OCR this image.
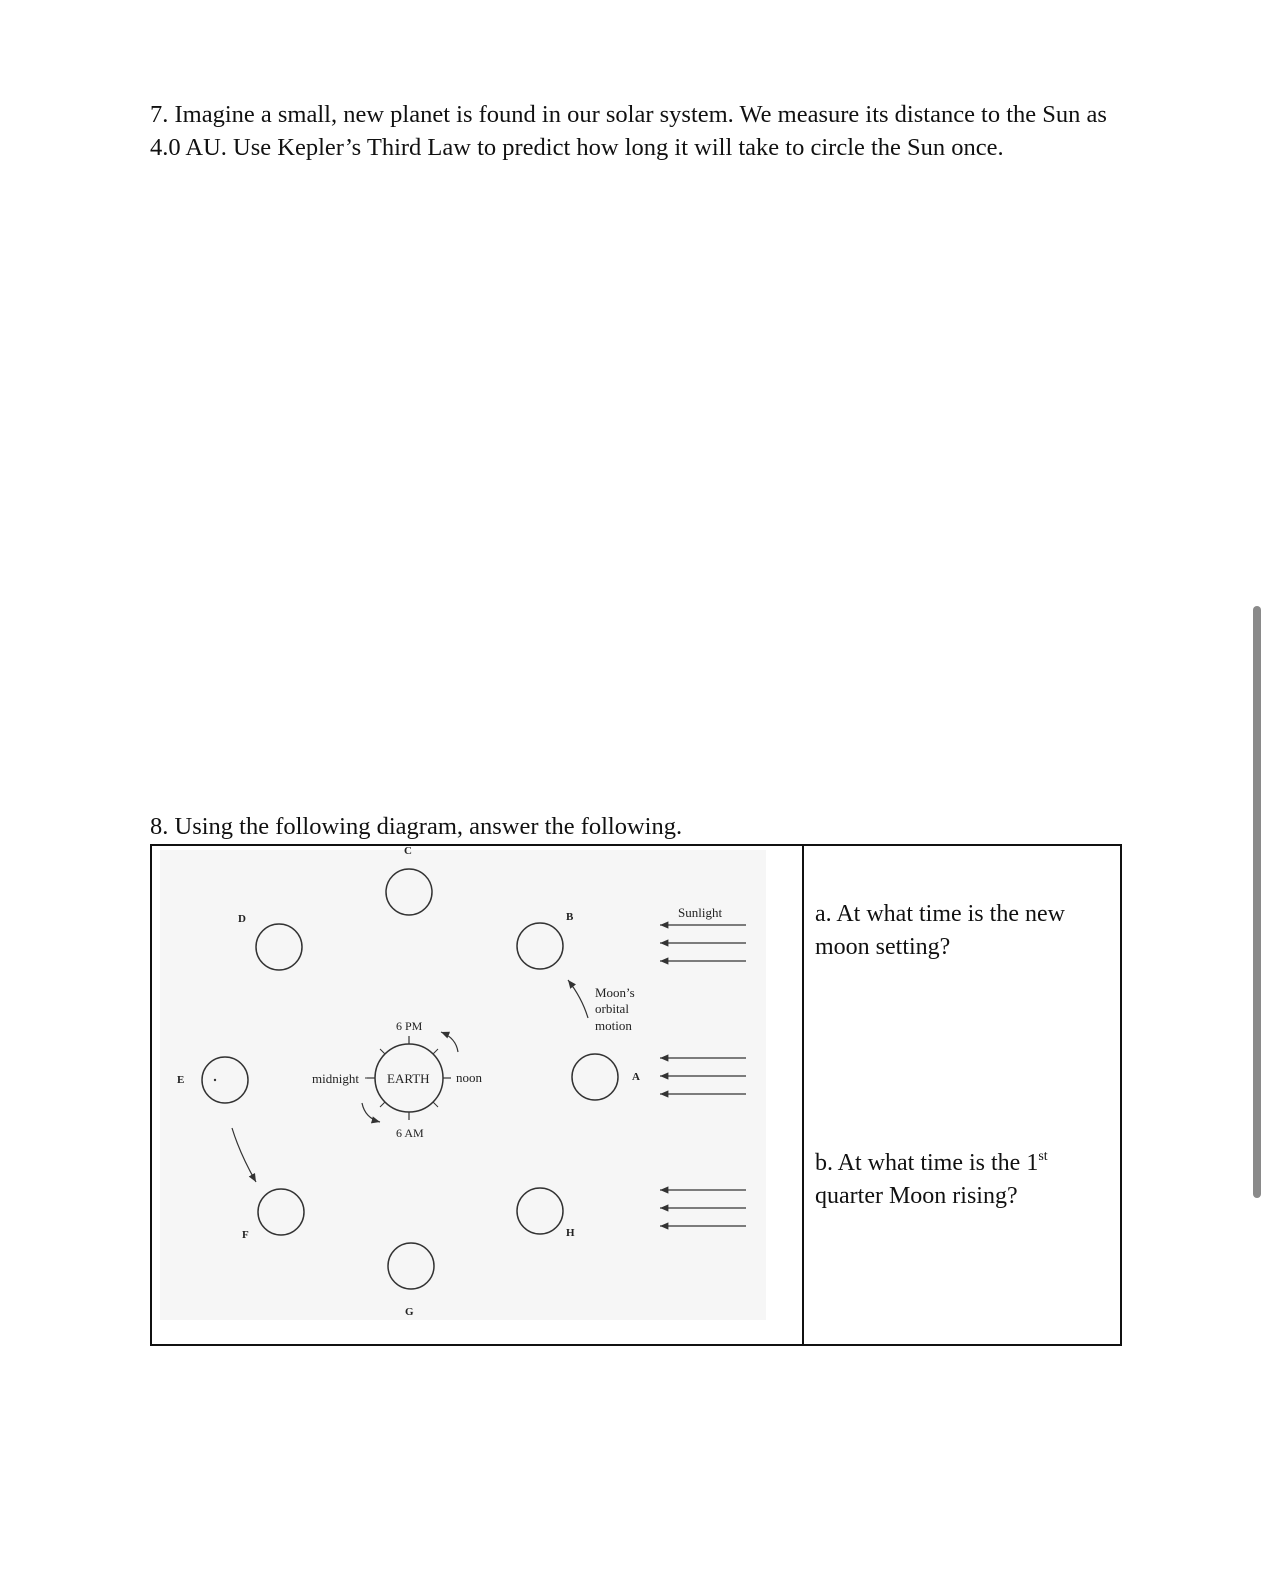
7. Imagine a small, new planet is found in our solar system. We measure its distance to the Sun as 4.0 AU. Use Kepler’s Third Law to predict how long it will take to circle the Sun once.
8. Using the following diagram, answer the following.
C
D	B
E	A
F	H
G
EARTH
6 PM
6 AM
midnight	noon
Moon’s
orbital
motion
Sunlight	a. At what time is the new moon setting?
b. At what time is the 1st quarter Moon rising?
